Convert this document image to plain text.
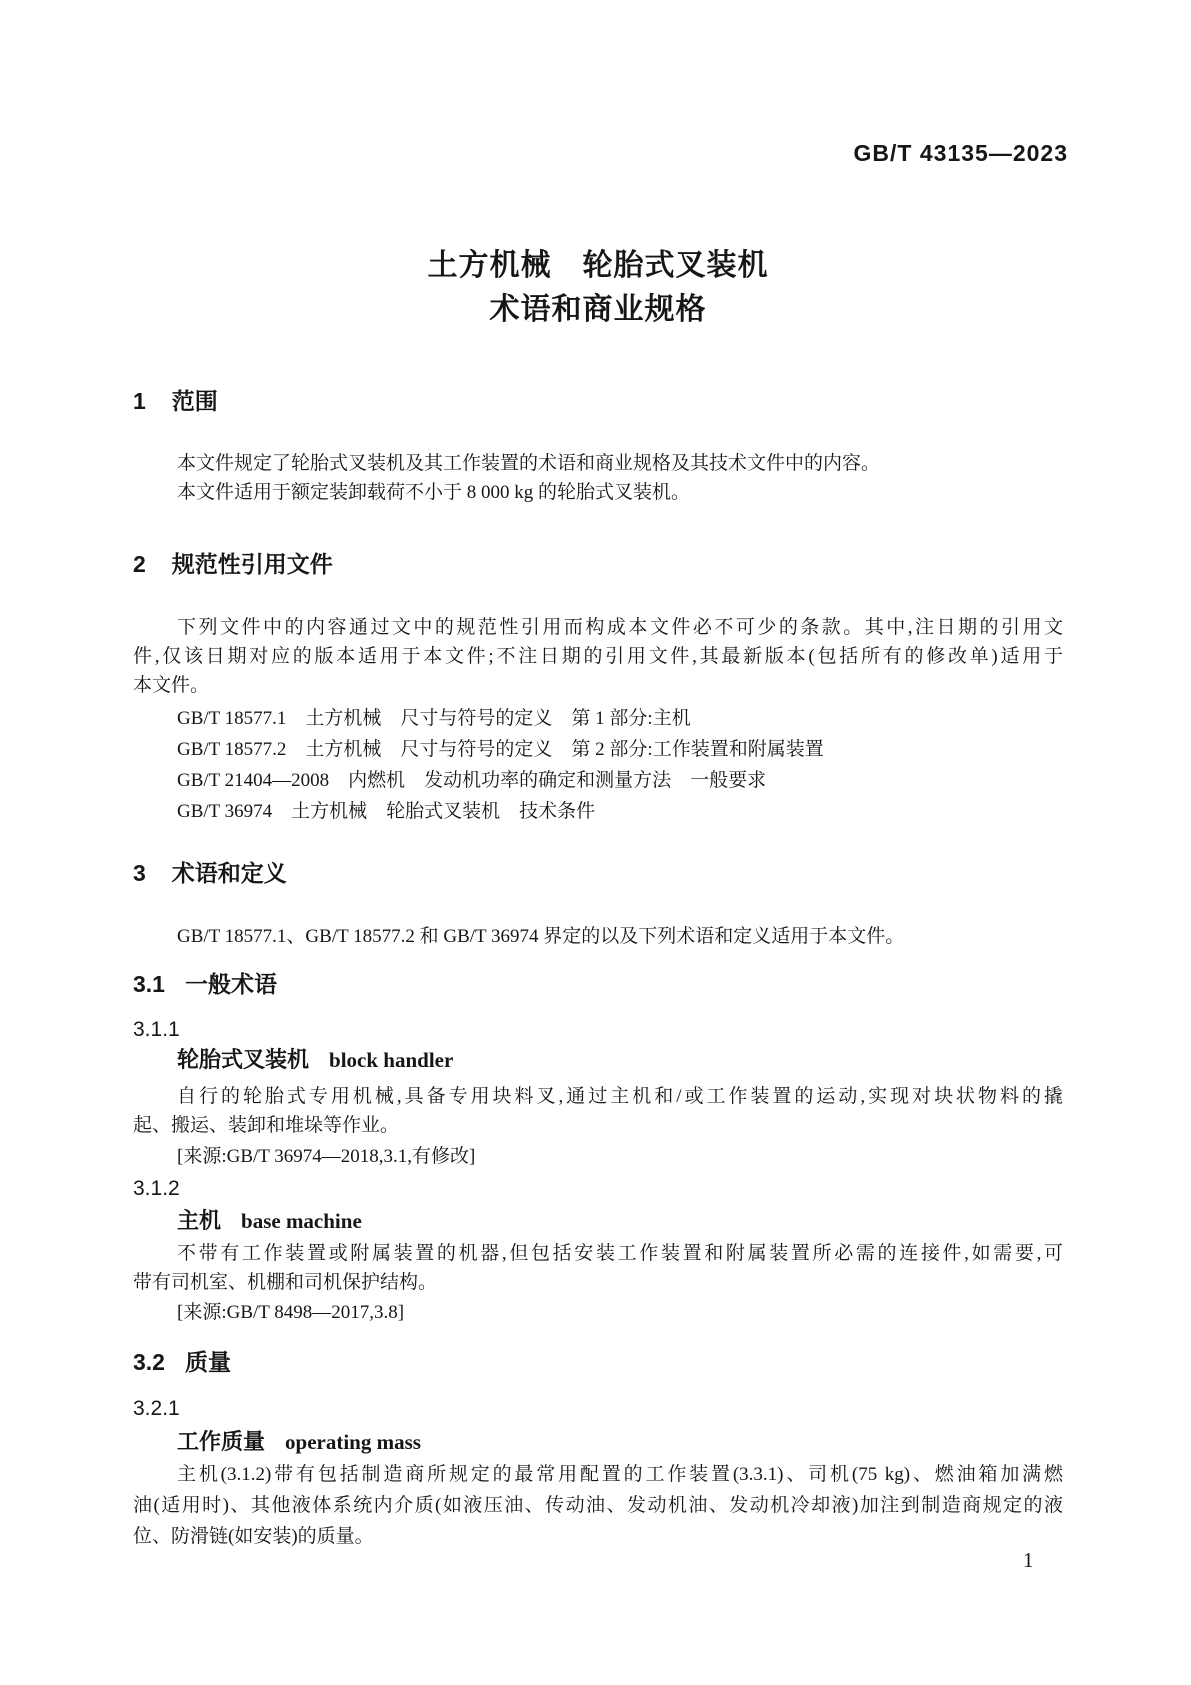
GB/T 43135—2023
土方机械　轮胎式叉装机
术语和商业规格
1 范围
本文件规定了轮胎式叉装机及其工作装置的术语和商业规格及其技术文件中的内容。
本文件适用于额定装卸载荷不小于 8 000 kg 的轮胎式叉装机。
2 规范性引用文件
下列文件中的内容通过文中的规范性引用而构成本文件必不可少的条款。其中,注日期的引用文
件,仅该日期对应的版本适用于本文件;不注日期的引用文件,其最新版本(包括所有的修改单)适用于
本文件。
GB/T 18577.1　土方机械　尺寸与符号的定义　第 1 部分:主机
GB/T 18577.2　土方机械　尺寸与符号的定义　第 2 部分:工作装置和附属装置
GB/T 21404—2008　内燃机　发动机功率的确定和测量方法　一般要求
GB/T 36974　土方机械　轮胎式叉装机　技术条件
3 术语和定义
GB/T 18577.1、GB/T 18577.2 和 GB/T 36974 界定的以及下列术语和定义适用于本文件。
3.1 一般术语
3.1.1
轮胎式叉装机 block handler
自行的轮胎式专用机械,具备专用块料叉,通过主机和/或工作装置的运动,实现对块状物料的撬
起、搬运、装卸和堆垛等作业。
[来源:GB/T 36974—2018,3.1,有修改]
3.1.2
主机 base machine
不带有工作装置或附属装置的机器,但包括安装工作装置和附属装置所必需的连接件,如需要,可
带有司机室、机棚和司机保护结构。
[来源:GB/T 8498—2017,3.8]
3.2 质量
3.2.1
工作质量 operating mass
主机(3.1.2)带有包括制造商所规定的最常用配置的工作装置(3.3.1)、司机(75 kg)、燃油箱加满燃
油(适用时)、其他液体系统内介质(如液压油、传动油、发动机油、发动机冷却液)加注到制造商规定的液
位、防滑链(如安装)的质量。
1
